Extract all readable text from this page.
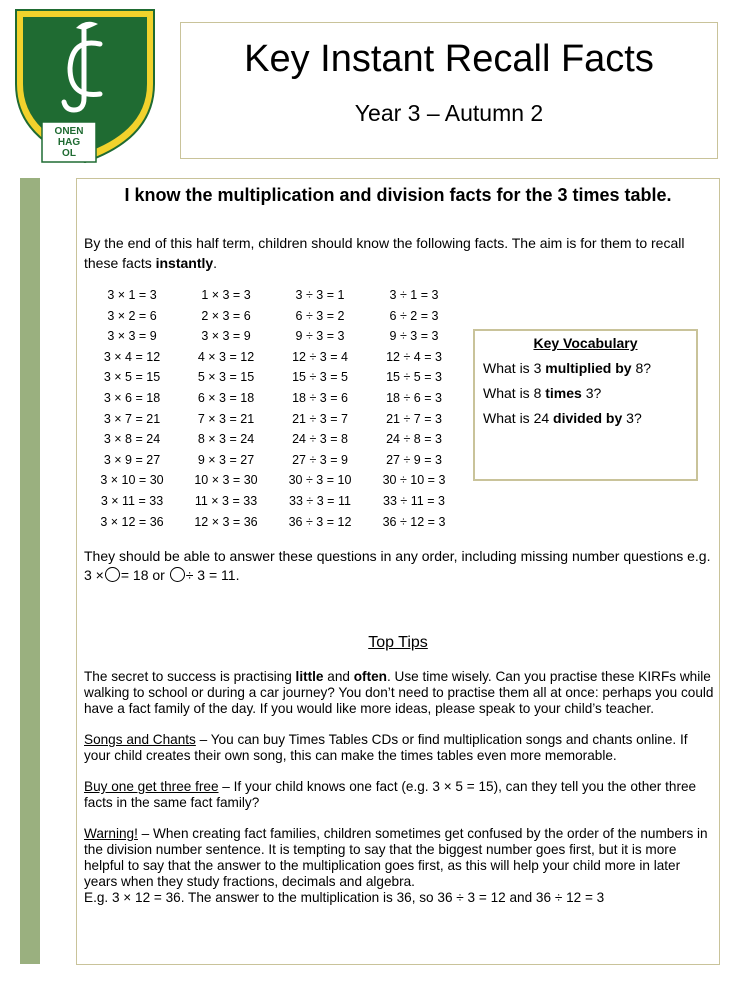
ONEN
HAG
OL
Key Instant Recall Facts
Year 3 – Autumn 2
I know the multiplication and division facts for the 3 times table.
By the end of this half term, children should know the following facts. The aim is for them to recall these facts instantly.
3 × 1 = 3
3 × 2 = 6
3 × 3 = 9
3 × 4 = 12
3 × 5 = 15
3 × 6 = 18
3 × 7 = 21
3 × 8 = 24
3 × 9 = 27
3 × 10 = 30
3 × 11 = 33
3 × 12 = 36
1 × 3 = 3
2 × 3 = 6
3 × 3 = 9
4 × 3 = 12
5 × 3 = 15
6 × 3 = 18
7 × 3 = 21
8 × 3 = 24
9 × 3 = 27
10 × 3 = 30
11 × 3 = 33
12 × 3 = 36
3 ÷ 3 = 1
6 ÷ 3 = 2
9 ÷ 3 = 3
12 ÷ 3 = 4
15 ÷ 3 = 5
18 ÷ 3 = 6
21 ÷ 3 = 7
24 ÷ 3 = 8
27 ÷ 3 = 9
30 ÷ 3 = 10
33 ÷ 3 = 11
36 ÷ 3 = 12
3 ÷ 1 = 3
6 ÷ 2 = 3
9 ÷ 3 = 3
12 ÷ 4 = 3
15 ÷ 5 = 3
18 ÷ 6 = 3
21 ÷ 7 = 3
24 ÷ 8 = 3
27 ÷ 9 = 3
30 ÷ 10 = 3
33 ÷ 11 = 3
36 ÷ 12 = 3
Key Vocabulary
What is 3 multiplied by 8?
What is 8 times 3?
What is 24 divided by 3?
They should be able to answer these questions in any order, including missing number questions e.g. 3 × = 18 or ÷ 3 = 11.
Top Tips

The secret to success is practising little and often. Use time wisely. Can you practise these KIRFs while walking to school or during a car journey? You don’t need to practise them all at once: perhaps you could have a fact family of the day. If you would like more ideas, please speak to your child’s teacher.

Songs and Chants – You can buy Times Tables CDs or find multiplication songs and chants online. If your child creates their own song, this can make the times tables even more memorable.

Buy one get three free – If your child knows one fact (e.g. 3 × 5 = 15), can they tell you the other three facts in the same fact family?

Warning! – When creating fact families, children sometimes get confused by the order of the numbers in the division number sentence. It is tempting to say that the biggest number goes first, but it is more helpful to say that the answer to the multiplication goes first, as this will help your child more in later years when they study fractions, decimals and algebra.
E.g. 3 × 12 = 36. The answer to the multiplication is 36, so 36 ÷ 3 = 12 and 36 ÷ 12 = 3
